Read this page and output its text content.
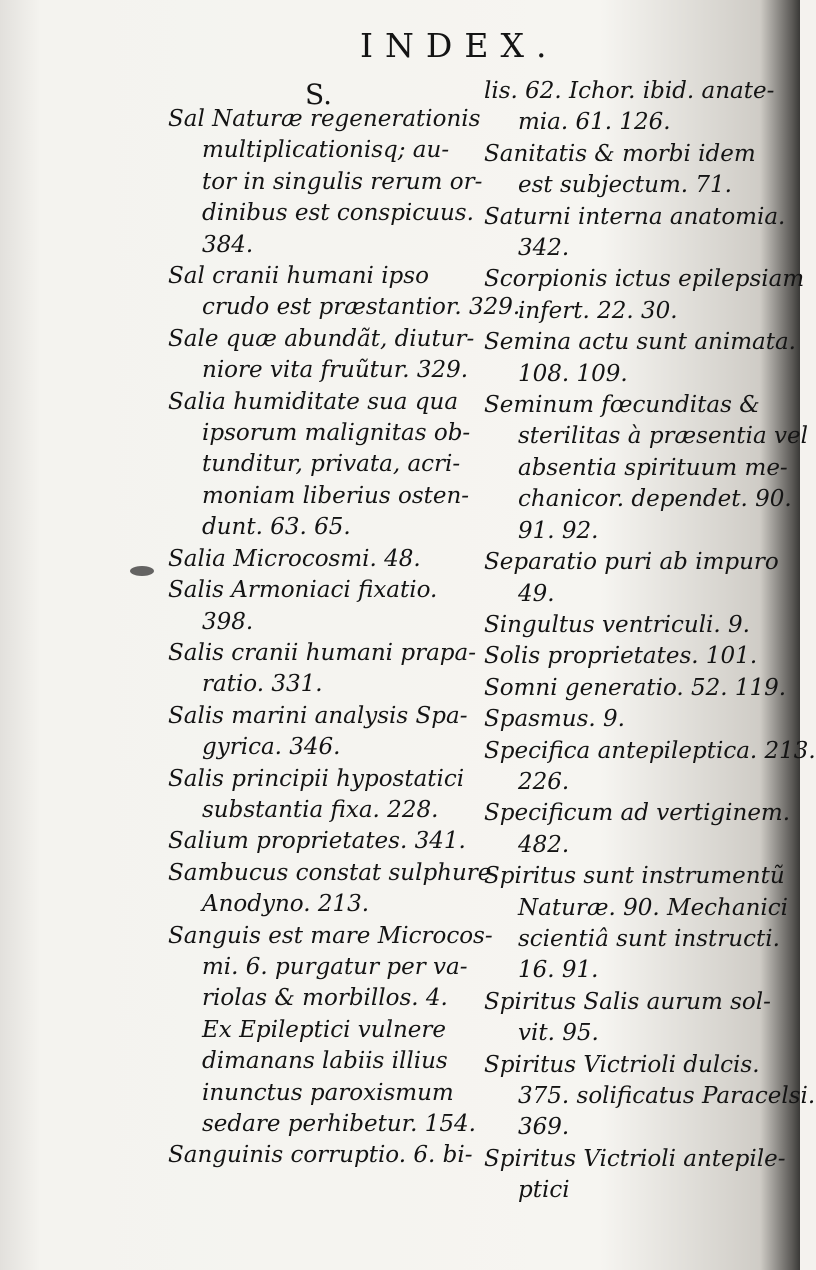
INDEX.
S.
Sal Naturæ regenerationis
multiplicationisq; au-
tor in singulis rerum or-
dinibus est conspicuus.
384.
Sal cranii humani ipso
crudo est præstantior. 329.
Sale quæ abundãt, diutur-
niore vita fruũtur. 329.
Salia humiditate sua qua
ipsorum malignitas ob-
tunditur, privata, acri-
moniam liberius osten-
dunt. 63. 65.
Salia Microcosmi. 48.
Salis Armoniaci fixatio.
398.
Salis cranii humani prapa-
ratio. 331.
Salis marini analysis Spa-
gyrica. 346.
Salis principii hypostatici
substantia fixa. 228.
Salium proprietates. 341.
Sambucus constat sulphure
Anodyno. 213.
Sanguis est mare Microcos-
mi. 6. purgatur per va-
riolas & morbillos. 4.
Ex Epileptici vulnere
dimanans labiis illius
inunctus paroxismum
sedare perhibetur. 154.
Sanguinis corruptio. 6. bi-
lis. 62. Ichor. ibid. anate-
mia. 61. 126.
Sanitatis & morbi idem
est subjectum. 71.
Saturni interna anatomia.
342.
Scorpionis ictus epilepsiam
infert. 22. 30.
Semina actu sunt animata.
108. 109.
Seminum fœcunditas &
sterilitas à præsentia vel
absentia spirituum me-
chanicor. dependet. 90.
91. 92.
Separatio puri ab impuro
49.
Singultus ventriculi. 9.
Solis proprietates. 101.
Somni generatio. 52. 119.
Spasmus. 9.
Specifica antepileptica. 213.
226.
Specificum ad vertiginem.
482.
Spiritus sunt instrumentũ
Naturæ. 90. Mechanici
scientiâ sunt instructi.
16. 91.
Spiritus Salis aurum sol-
vit. 95.
Spiritus Victrioli dulcis.
375. solificatus Paracelsi.
369.
Spiritus Victrioli antepile-
ptici
